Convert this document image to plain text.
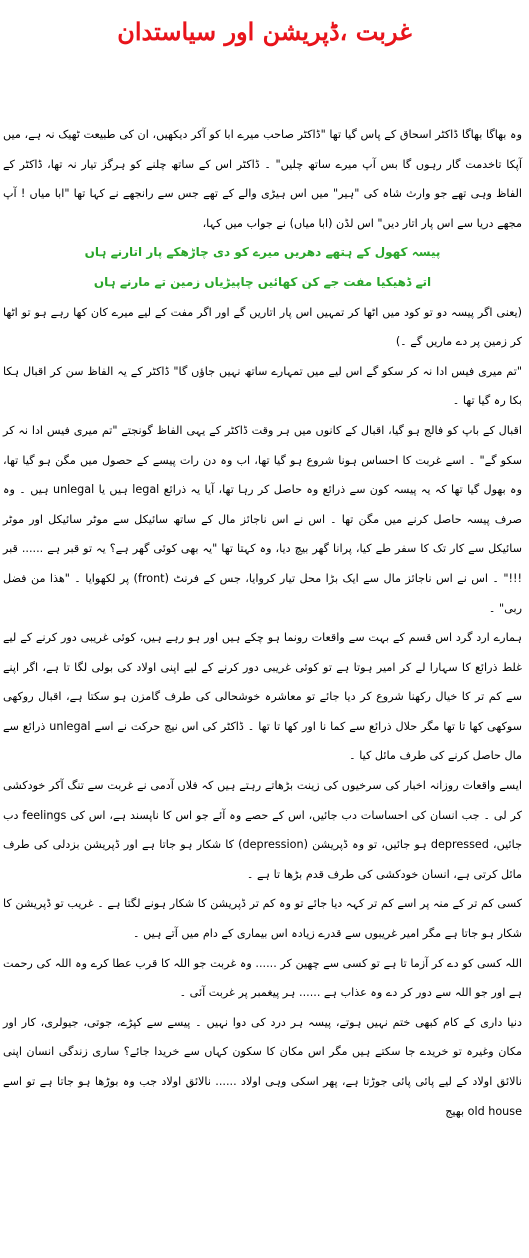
غربت ،ڈپریشن اور سیاستدان

وہ بھاگا بھاگا ڈاکٹر اسحاق کے پاس گیا تھا "ڈاکٹر صاحب میرے ابا کو آکر دیکھیں، ان کی طبیعت ٹھیک نہ ہے، میں آپکا تاخدمت گار رہوں گا بس آپ میرے ساتھ چلیں" ۔ ڈاکٹر اس کے ساتھ چلنے کو ہرگز تیار نہ تھا، ڈاکٹر کے الفاظ وہی تھے جو وارث شاہ کی "ہیر" میں اس ہیڑی والے کے تھے جس سے رانجھے نے کہا تھا "ابا میاں ! آپ مجھے دریا سے اس پار اتار دیں" اس لڈن (ابا میاں) نے جواب میں کہا،

پیسہ کھول کے ہتھے دھریں میرے کو دی چاڑھکے پار اتارنے ہاں

اتے ڈھیکیا مفت جے کن کھائیں چاپیڑیاں زمین تے مارنے ہاں

(یعنی اگر پیسہ دو تو کود میں اٹھا کر تمہیں اس پار اتاریں گے اور اگر مفت کے لیے میرے کان کھا رہے ہو تو اٹھا کر زمین پر دے ماریں گے ۔)

"تم میری فیس ادا نہ کر سکو گے اس لیے میں تمہارے ساتھ نہیں جاؤں گا" ڈاکٹر کے یہ الفاظ سن کر اقبال ہکا بکا رہ گیا تھا ۔

اقبال کے باپ کو فالج ہو گیا، اقبال کے کانوں میں ہر وقت ڈاکٹر کے یہی الفاظ گونجتے "تم میری فیس ادا نہ کر سکو گے" ۔ اسے غربت کا احساس ہونا شروع ہو گیا تھا، اب وہ دن رات پیسے کے حصول میں مگن ہو گیا تھا، وہ بھول گیا تھا کہ یہ پیسہ کون سے ذرائع وہ حاصل کر رہا تھا، آیا یہ ذرائع legal ہیں یا unlegal ہیں ۔ وہ صرف پیسہ حاصل کرنے میں مگن تھا ۔ اس نے اس ناجائز مال کے ساتھ سائیکل سے موٹر سائیکل اور موٹر سائیکل سے کار تک کا سفر طے کیا، پرانا گھر بیچ دیا، وہ کہتا تھا "یہ بھی کوئی گھر ہے؟ یہ تو قبر ہے ...... قبر !!!" ۔ اس نے اس ناجائز مال سے ایک بڑا محل تیار کروایا، جس کے فرنٹ (front) پر لکھوایا ۔ "ھذا من فضل ربی" ۔

ہمارے ارد گرد اس قسم کے بہت سے واقعات رونما ہو چکے ہیں اور ہو رہے ہیں، کوئی غریبی دور کرنے کے لیے غلط ذرائع کا سہارا لے کر امیر ہوتا ہے تو کوئی غریبی دور کرنے کے لیے اپنی اولاد کی بولی لگا تا ہے، اگر اپنے سے کم تر کا خیال رکھنا شروع کر دیا جائے تو معاشرہ خوشحالی کی طرف گامزن ہو سکتا ہے، اقبال روکھی سوکھی کھا تا تھا مگر حلال ذرائع سے کما نا اور کھا تا تھا ۔ ڈاکٹر کی اس نیچ حرکت نے اسے unlegal ذرائع سے مال حاصل کرنے کی طرف مائل کیا ۔

ایسے واقعات روزانہ اخبار کی سرخیوں کی زینت بڑھاتے رہتے ہیں کہ فلاں آدمی نے غربت سے تنگ آکر خودکشی کر لی ۔ جب انسان کی احساسات دب جائیں، اس کے حصے وہ آئے جو اس کا ناپسند ہے، اس کی feelings دب جائیں، depressed ہو جائیں، تو وہ ڈپریشن (depression) کا شکار ہو جاتا ہے اور ڈپریشن بزدلی کی طرف مائل کرتی ہے، انسان خودکشی کی طرف قدم بڑھا تا ہے ۔

کسی کم تر کے منہ پر اسے کم تر کہہ دیا جائے تو وہ کم تر ڈپریشن کا شکار ہونے لگتا ہے ۔ غریب تو ڈپریشن کا شکار ہو جاتا ہے مگر امیر غریبوں سے قدرے زیادہ اس بیماری کے دام میں آتے ہیں ۔

اللہ کسی کو دے کر آزما تا ہے تو کسی سے چھین کر ...... وہ غربت جو اللہ کا قرب عطا کرے وہ اللہ کی رحمت ہے اور جو اللہ سے دور کر دے وہ عذاب ہے ...... ہر پیغمبر پر غربت آئی ۔

دنیا داری کے کام کبھی ختم نہیں ہوتے، پیسہ ہر درد کی دوا نہیں ۔ پیسے سے کپڑے، جوتی، جیولری، کار اور مکان وغیرہ تو خریدے جا سکتے ہیں مگر اس مکان کا سکون کہاں سے خریدا جائے؟ ساری زندگی انسان اپنی نالائق اولاد کے لیے پائی پائی جوڑتا ہے، پھر اسکی وہی اولاد ...... نالائق اولاد جب وہ بوڑھا ہو جاتا ہے تو اسے old house بھیج
